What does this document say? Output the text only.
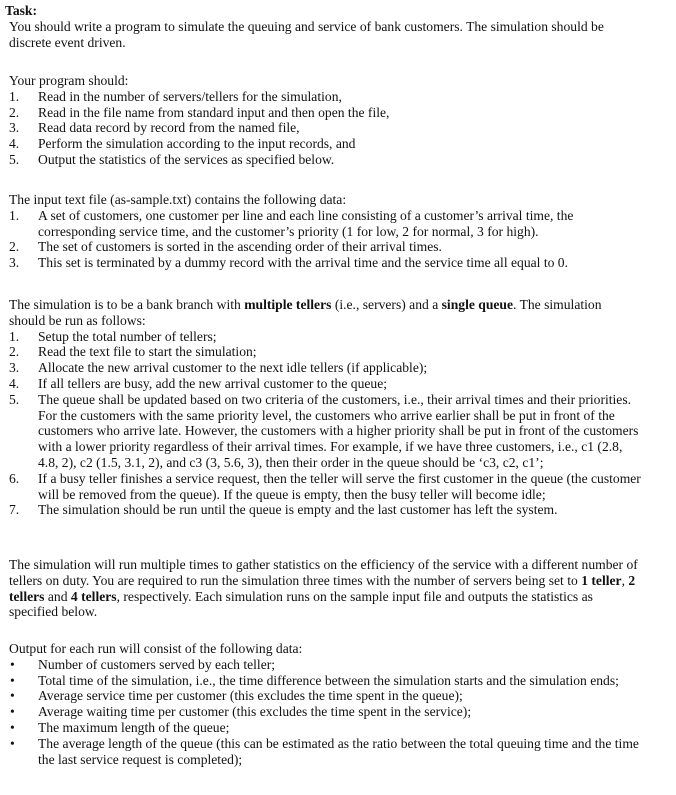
Task:
You should write a program to simulate the queuing and service of bank customers. The simulation should be
discrete event driven.
Your program should:
1.	Read in the number of servers/tellers for the simulation,
2.	Read in the file name from standard input and then open the file,
3.	Read data record by record from the named file,
4.	Perform the simulation according to the input records, and
5.	Output the statistics of the services as specified below.
The input text file (as-sample.txt) contains the following data:
1.	A set of customers, one customer per line and each line consisting of a customer’s arrival time, the
corresponding service time, and the customer’s priority (1 for low, 2 for normal, 3 for high).
2.	The set of customers is sorted in the ascending order of their arrival times.
3.	This set is terminated by a dummy record with the arrival time and the service time all equal to 0.
The simulation is to be a bank branch with multiple tellers (i.e., servers) and a single queue. The simulation
should be run as follows:
1.	Setup the total number of tellers;
2.	Read the text file to start the simulation;
3.	Allocate the new arrival customer to the next idle tellers (if applicable);
4.	If all tellers are busy, add the new arrival customer to the queue;
5.	The queue shall be updated based on two criteria of the customers, i.e., their arrival times and their priorities.
For the customers with the same priority level, the customers who arrive earlier shall be put in front of the
customers who arrive late. However, the customers with a higher priority shall be put in front of the customers
with a lower priority regardless of their arrival times. For example, if we have three customers, i.e., c1 (2.8,
4.8, 2), c2 (1.5, 3.1, 2), and c3 (3, 5.6, 3), then their order in the queue should be ‘c3, c2, c1’;
6.	If a busy teller finishes a service request, then the teller will serve the first customer in the queue (the customer
will be removed from the queue). If the queue is empty, then the busy teller will become idle;
7.	The simulation should be run until the queue is empty and the last customer has left the system.
The simulation will run multiple times to gather statistics on the efficiency of the service with a different number of
tellers on duty. You are required to run the simulation three times with the number of servers being set to 1 teller, 2
tellers and 4 tellers, respectively. Each simulation runs on the sample input file and outputs the statistics as
specified below.
Output for each run will consist of the following data:
•	Number of customers served by each teller;
•	Total time of the simulation, i.e., the time difference between the simulation starts and the simulation ends;
•	Average service time per customer (this excludes the time spent in the queue);
•	Average waiting time per customer (this excludes the time spent in the service);
•	The maximum length of the queue;
•	The average length of the queue (this can be estimated as the ratio between the total queuing time and the time
the last service request is completed);
